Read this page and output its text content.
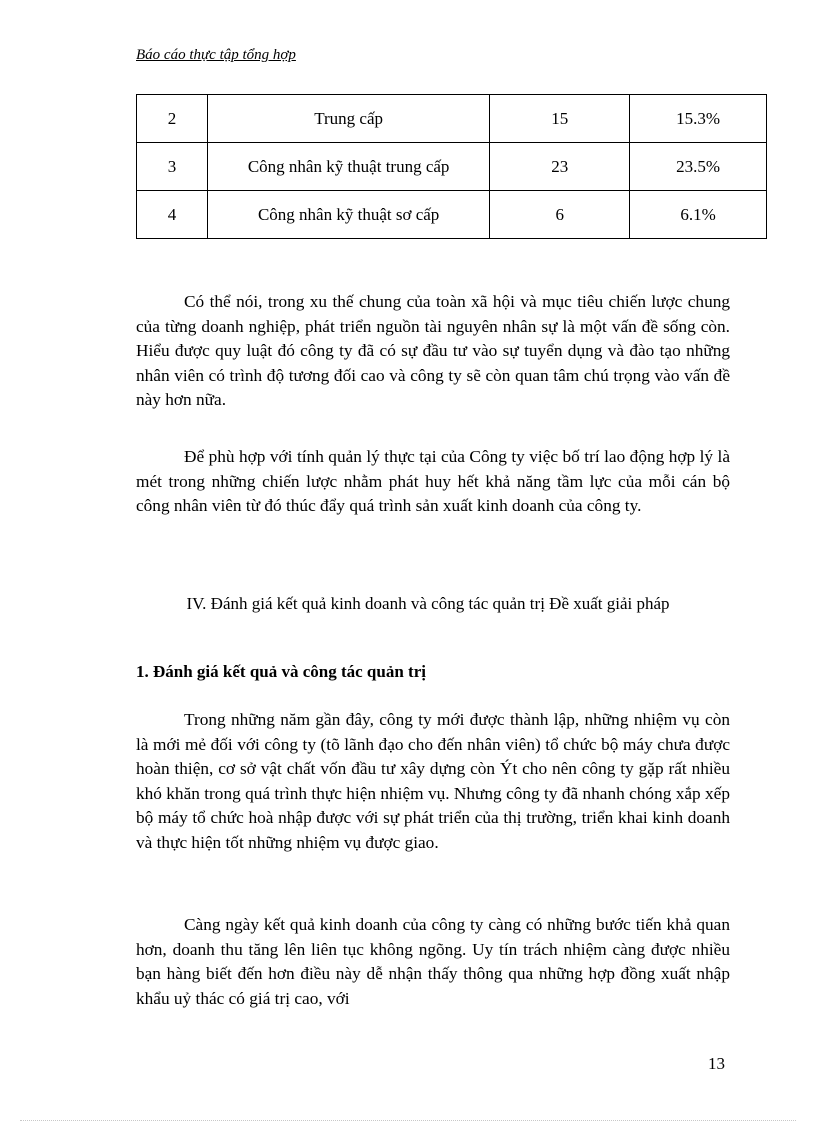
Báo cáo thực tập tổng hợp
2	Trung cấp	15	15.3%
3	Công nhân kỹ thuật trung cấp	23	23.5%
4	Công nhân kỹ thuật sơ cấp	6	6.1%

Có thể nói, trong xu thế chung của toàn xã hội và mục tiêu chiến lược chung của từng doanh nghiệp, phát triển nguồn tài nguyên nhân sự là một vấn đề sống còn. Hiểu được quy luật đó công ty đã có sự đầu tư vào sự tuyển dụng và đào tạo những nhân viên có trình độ tương đối cao và công ty sẽ còn quan tâm chú trọng vào vấn đề này hơn nữa.

Để phù hợp với tính quản lý thực tại của Công ty việc bố trí lao động hợp lý là mét trong những chiến lược nhằm phát huy hết khả năng tầm lực của mỗi cán bộ công nhân viên từ đó thúc đẩy quá trình sản xuất kinh doanh của công ty.

IV. Đánh giá kết quả kinh doanh và công tác quản trị Đề xuất giải pháp
1. Đánh giá kết quả và công tác quản trị

Trong những năm gần đây, công ty mới được thành lập, những nhiệm vụ còn là mới mẻ đối với công ty (tõ lãnh đạo cho đến nhân viên) tổ chức bộ máy chưa được hoàn thiện, cơ sở vật chất vốn đầu tư xây dựng còn Ýt cho nên công ty gặp rất nhiều khó khăn trong quá trình thực hiện nhiệm vụ. Nhưng công ty đã nhanh chóng xắp xếp bộ máy tổ chức hoà nhập được với sự phát triển của thị trường, triển khai kinh doanh và thực hiện tốt những nhiệm vụ được giao.

Càng ngày kết quả kinh doanh của công ty càng có những bước tiến khả quan hơn, doanh thu tăng lên liên tục không ngõng. Uy tín trách nhiệm càng được nhiều bạn hàng biết đến hơn điều này dễ nhận thấy thông qua những hợp đồng xuất nhập khẩu uỷ thác có giá trị cao, với

13
